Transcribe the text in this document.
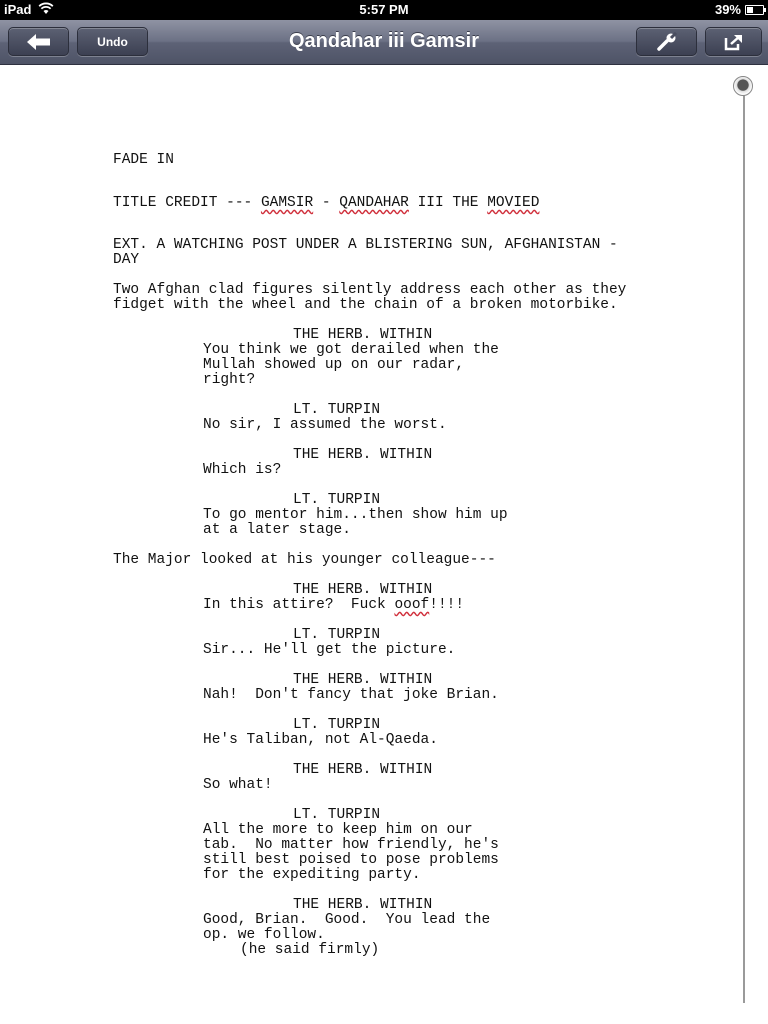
iPad	5:57 PM	39%
Undo	Qandahar iii Gamsir
FADE IN
TITLE CREDIT --- GAMSIR - QANDAHAR III THE MOVIED
EXT. A WATCHING POST UNDER A BLISTERING SUN, AFGHANISTAN -
DAY
Two Afghan clad figures silently address each other as they
fidget with the wheel and the chain of a broken motorbike.
THE HERB. WITHIN
You think we got derailed when the
Mullah showed up on our radar,
right?
LT. TURPIN
No sir, I assumed the worst.
THE HERB. WITHIN
Which is?
LT. TURPIN
To go mentor him...then show him up
at a later stage.
The Major looked at his younger colleague---
THE HERB. WITHIN
In this attire?  Fuck ooof!!!!
LT. TURPIN
Sir... He'll get the picture.
THE HERB. WITHIN
Nah!  Don't fancy that joke Brian.
LT. TURPIN
He's Taliban, not Al-Qaeda.
THE HERB. WITHIN
So what!
LT. TURPIN
All the more to keep him on our
tab.  No matter how friendly, he's
still best poised to pose problems
for the expediting party.
THE HERB. WITHIN
Good, Brian.  Good.  You lead the
op. we follow.
(he said firmly)
